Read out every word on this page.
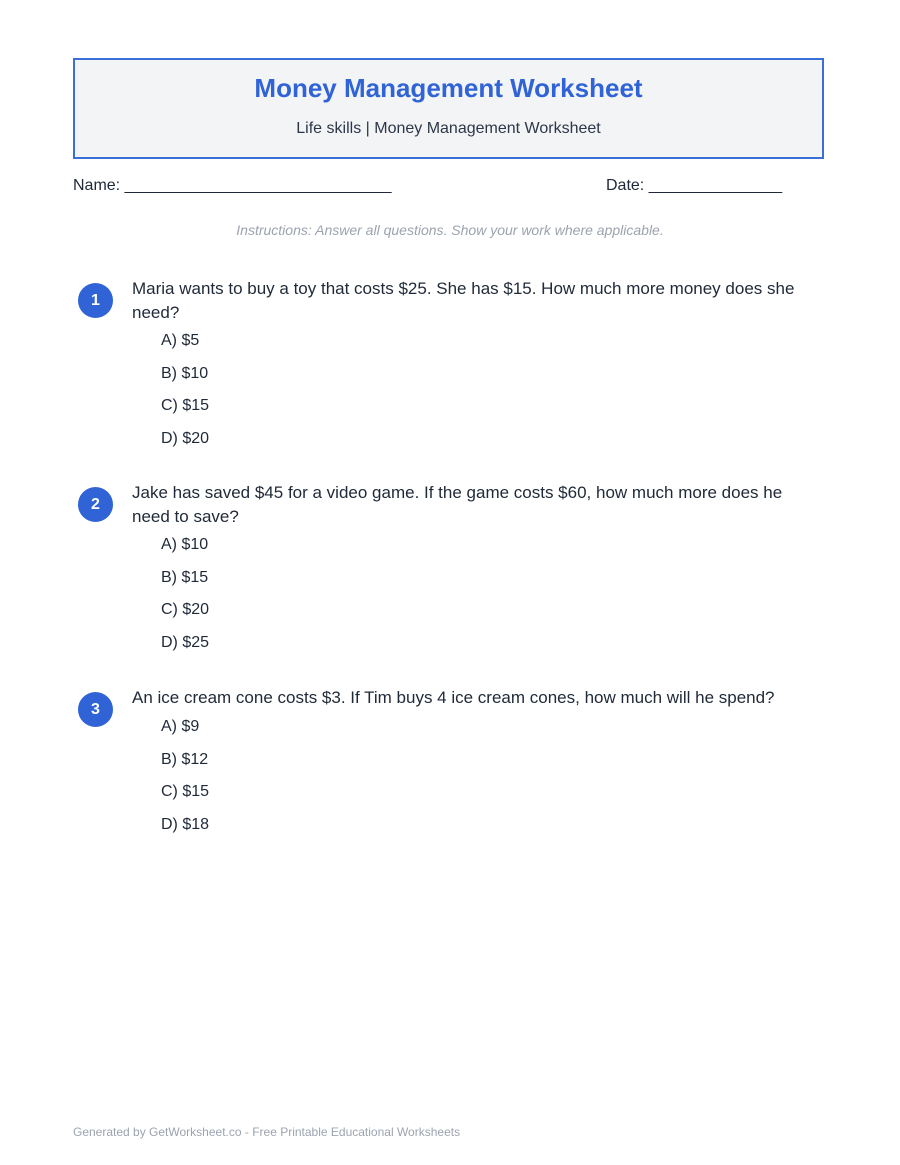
Money Management Worksheet
Life skills | Money Management Worksheet
Name: ______________________________	Date: _______________
Instructions: Answer all questions. Show your work where applicable.
1
Maria wants to buy a toy that costs $25. She has $15. How much more money does she need?
A) $5
B) $10
C) $15
D) $20
2
Jake has saved $45 for a video game. If the game costs $60, how much more does he need to save?
A) $10
B) $15
C) $20
D) $25
3
An ice cream cone costs $3. If Tim buys 4 ice cream cones, how much will he spend?
A) $9
B) $12
C) $15
D) $18
Generated by GetWorksheet.co - Free Printable Educational Worksheets
